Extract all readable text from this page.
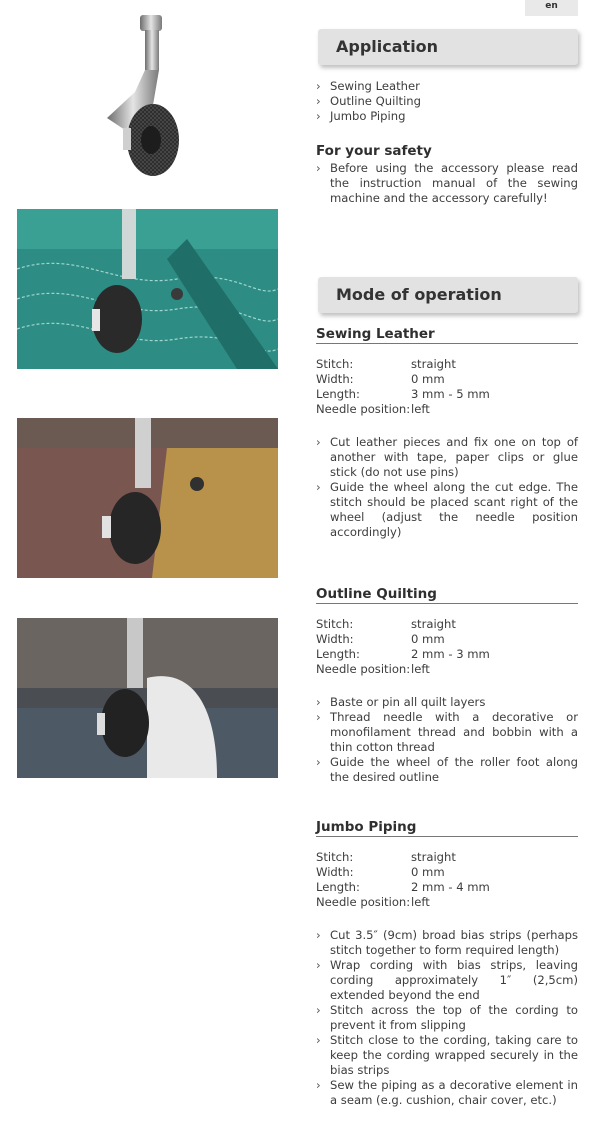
en
Application
› Sewing Leather
› Outline Quilting
› Jumbo Piping
For your safety
› Before using the accessory please read the instruction manual of the sewing machine and the accessory carefully!
Mode of operation
Sewing Leather
Stitch:	straight
Width:	0 mm
Length:	3 mm - 5 mm
Needle position: left
› Cut leather pieces and fix one on top of another with tape, paper clips or glue stick (do not use pins)
› Guide the wheel along the cut edge. The stitch should be placed scant right of the wheel (adjust the needle position accordingly)
Outline Quilting
Stitch:	straight
Width:	0 mm
Length:	2 mm - 3 mm
Needle position: left
› Baste or pin all quilt layers
› Thread needle with a decorative or monofilament thread and bobbin with a thin cotton thread
› Guide the wheel of the roller foot along the desired outline
Jumbo Piping
Stitch:	straight
Width:	0 mm
Length:	2 mm - 4 mm
Needle position: left
› Cut 3.5″ (9cm) broad bias strips (perhaps stitch together to form required length)
› Wrap cording with bias strips, leaving cording approximately 1″ (2,5cm) extended beyond the end
› Stitch across the top of the cording to prevent it from slipping
› Stitch close to the cording, taking care to keep the cording wrapped securely in the bias strips
› Sew the piping as a decorative element in a seam (e.g. cushion, chair cover, etc.)
